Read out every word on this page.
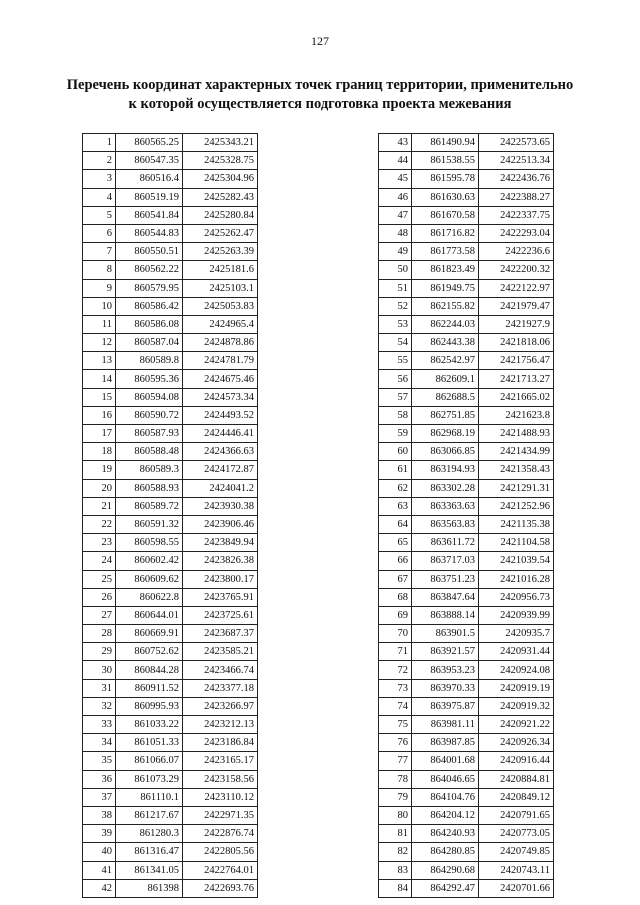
127
Перечень координат характерных точек границ территории, применительно
к которой осуществляется подготовка проекта межевания
1	860565.25	2425343.21
2	860547.35	2425328.75
3	860516.4	2425304.96
4	860519.19	2425282.43
5	860541.84	2425280.84
6	860544.83	2425262.47
7	860550.51	2425263.39
8	860562.22	2425181.6
9	860579.95	2425103.1
10	860586.42	2425053.83
11	860586.08	2424965.4
12	860587.04	2424878.86
13	860589.8	2424781.79
14	860595.36	2424675.46
15	860594.08	2424573.34
16	860590.72	2424493.52
17	860587.93	2424446.41
18	860588.48	2424366.63
19	860589.3	2424172.87
20	860588.93	2424041.2
21	860589.72	2423930.38
22	860591.32	2423906.46
23	860598.55	2423849.94
24	860602.42	2423826.38
25	860609.62	2423800.17
26	860622.8	2423765.91
27	860644.01	2423725.61
28	860669.91	2423687.37
29	860752.62	2423585.21
30	860844.28	2423466.74
31	860911.52	2423377.18
32	860995.93	2423266.97
33	861033.22	2423212.13
34	861051.33	2423186.84
35	861066.07	2423165.17
36	861073.29	2423158.56
37	861110.1	2423110.12
38	861217.67	2422971.35
39	861280.3	2422876.74
40	861316.47	2422805.56
41	861341.05	2422764.01
42	861398	2422693.76
43	861490.94	2422573.65
44	861538.55	2422513.34
45	861595.78	2422436.76
46	861630.63	2422388.27
47	861670.58	2422337.75
48	861716.82	2422293.04
49	861773.58	2422236.6
50	861823.49	2422200.32
51	861949.75	2422122.97
52	862155.82	2421979.47
53	862244.03	2421927.9
54	862443.38	2421818.06
55	862542.97	2421756.47
56	862609.1	2421713.27
57	862688.5	2421665.02
58	862751.85	2421623.8
59	862968.19	2421488.93
60	863066.85	2421434.99
61	863194.93	2421358.43
62	863302.28	2421291.31
63	863363.63	2421252.96
64	863563.83	2421135.38
65	863611.72	2421104.58
66	863717.03	2421039.54
67	863751.23	2421016.28
68	863847.64	2420956.73
69	863888.14	2420939.99
70	863901.5	2420935.7
71	863921.57	2420931.44
72	863953.23	2420924.08
73	863970.33	2420919.19
74	863975.87	2420919.32
75	863981.11	2420921.22
76	863987.85	2420926.34
77	864001.68	2420916.44
78	864046.65	2420884.81
79	864104.76	2420849.12
80	864204.12	2420791.65
81	864240.93	2420773.05
82	864280.85	2420749.85
83	864290.68	2420743.11
84	864292.47	2420701.66
